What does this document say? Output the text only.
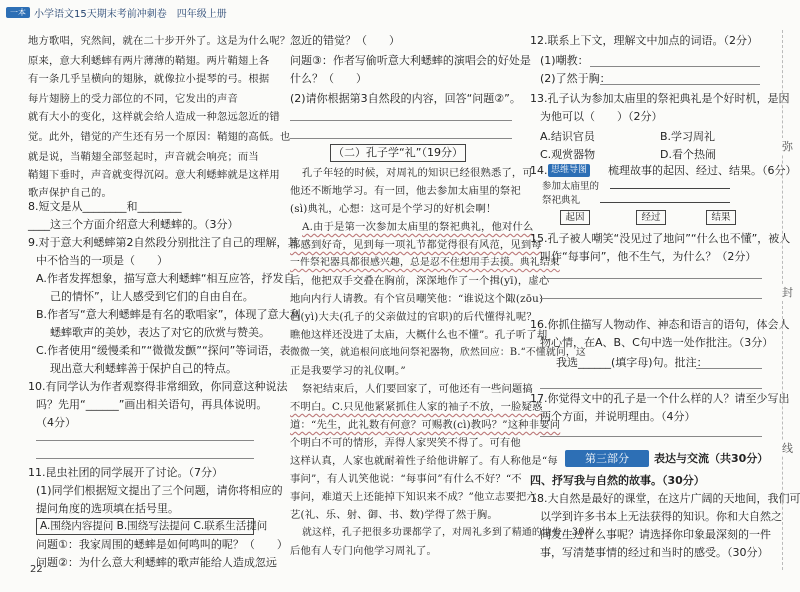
一本 小学语文15天期末考前冲刺卷　四年级上册
地方歌唱，究然间，就在二十步开外了。这是为什么呢？
原来，意大利蟋蟀有两片薄薄的鞘翅。两片鞘翅上各
有一条几乎呈横向的翅脉，就像拉小提琴的弓。根据
每片翅膀上的受力部位的不同，它发出的声音
就有大小的变化，这样就会给人造成一种忽远忽近的错
觉。此外，错觉的产生还有另一个原因：鞘翅的高低。也
就是说，当鞘翅全部竖起时，声音就会响亮；而当
鞘翅下垂时，声音就变得沉闷。意大利蟋蟀就是这样用
歌声保护自己的。
8.短文是从________和________
____这三个方面介绍意大利蟋蟀的。（3分）
9.对于意大利蟋蟀第2自然段分别批注了自己的理解，其
中不恰当的一项是（　　）
A.作者发挥想象，描写意大利蟋蟀“相互应答，抒发自
己的情怀”，让人感受到它们的自由自在。
B.作者写“意大利蟋蟀是有名的歌唱家”，体现了意大利
蟋蟀歌声的美妙，表达了对它的欣赏与赞美。
C.作者使用“缓慢柔和”“微微发颤”“探问”等词语，表
现出意大利蟋蟀善于保护自己的特点。
10.有同学认为作者观察得非常细致，你同意这种说法
吗？先用“______”画出相关语句，再具体说明。
（4分）
11.昆虫社团的同学展开了讨论。（7分）
(1)同学们根据短文提出了三个问题，请你将相应的
提问角度的选项填在括号里。
A.围绕内容提问 B.围绕写法提问 C.联系生活提问
问题①：我家周围的蟋蟀是如何鸣叫的呢？（　　）
问题②：为什么意大利蟋蟀的歌声能给人造成忽远
22
忽近的错觉？（　　）
问题③：作者写偷听意大利蟋蟀的演唱会的好处是
什么？（　　）
(2)请你根据第3自然段的内容，回答“问题②”。
（二）孔子学“礼”（19分）
孔子年轻的时候，对周礼的知识已经很熟悉了，可
他还不断地学习。有一回，他去参加太庙里的祭祀
(sì)典礼，心想：这可是个学习的好机会啊！
A.由于是第一次参加太庙里的祭祀典礼，他对什么
都感到好奇，见到每一项礼节都觉得很有风范，见到每
一件祭祀器具都很感兴趣，总是忍不住想用手去摸。典礼结束
后，他把双手交叠在胸前，深深地作了一个揖(yī)，虚心
地向内行人请教。有个官员嘲笑他：“谁说这个陬(zōu)
邑(yì)大夫(孔子的父亲做过的官职)的后代懂得礼呢？
瞧他这样还没进了太庙，大概什么也不懂”。孔子听了却
微微一笑，就追根问底地问祭祀器物，欣然回应：B.“不懂就问，这
正是我要学习的礼仪啊。”
祭祀结束后，人们要回家了，可他还有一些问题搞
不明白。C.只见他紧紧抓住人家的袖子不放，一脸疑惑
道：“先生，此礼数有何意？可赐教(cì)教吗？”这种非要问
个明白不可的情形，弄得人家哭笑不得了。可有他
这样认真，人家也就耐着性子给他讲解了。有人称他是“每
事问”，有人讥笑他说：“每事问”有什么不好？“不
事问，难道天上还能掉下知识来不成？”他立志要把六
艺(礼、乐、射、御、书、数)学得了然于胸。
就这样，孔子把很多功课都学了，对周礼多到了精通的地步，30岁
后他有人专门向他学习周礼了。
12.联系上下文，理解文中加点的词语。（2分）
(1)嘲教：
(2)了然于胸：
13.孔子认为参加太庙里的祭祀典礼是个好时机，是因
为他可以（　　）（2分）
A.结识官员	B.学习周礼
C.观赏器物	D.看个热闹
14. 思维导图 梳理故事的起因、经过、结果。（6分）
参加太庙里的
祭祀典礼
起因	经过	结果
15.孔子被人嘲笑“没见过了地问”“什么也不懂”，被人
叫作“每事问”，他不生气，为什么？（2分）
16.你抓住描写人物动作、神态和语言的语句，体会人
物心情，在A、B、C句中选一处作批注。（3分）
我选______(填字母)句。批注：
17.你觉得文中的孔子是一个什么样的人？请至少写出
两个方面，并说明理由。（4分）
第三部分	表达与交流（共30分）
四、抒写我与自然的故事。（30分）
18.大自然是最好的课堂，在这片广阔的天地间，我们可
以学到许多书本上无法获得的知识。你和大自然之
间发生过什么事呢？请选择你印象最深刻的一件
事，写清楚事情的经过和当时的感受。（30分）
弥
封
线
